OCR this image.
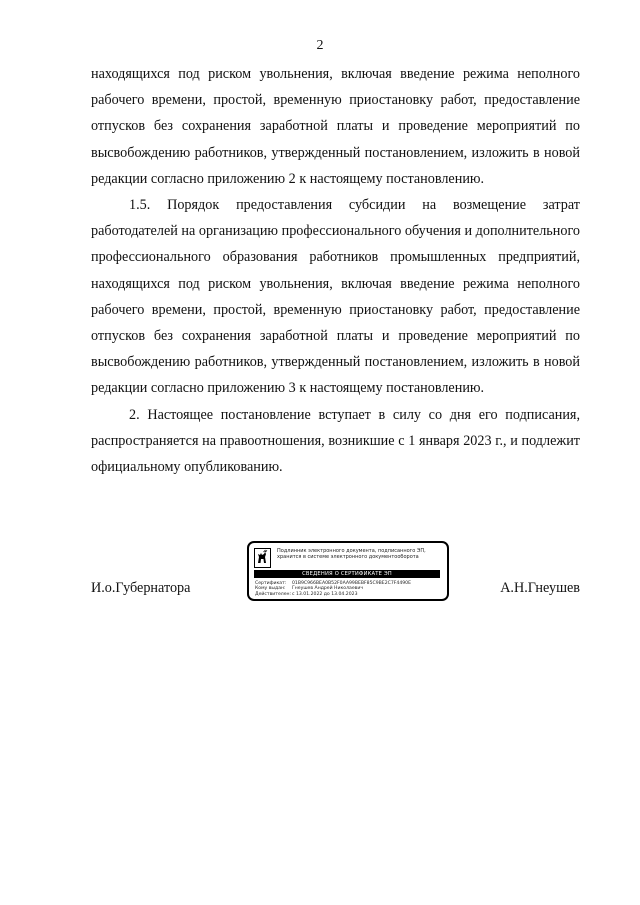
2

находящихся под риском увольнения, включая введение режима неполного рабочего времени, простой, временную приостановку работ, предоставление отпусков без сохранения заработной платы и проведение мероприятий по высвобождению работников, утвержденный постановлением, изложить в новой редакции согласно приложению 2 к настоящему постановлению.

1.5. Порядок предоставления субсидии на возмещение затрат работодателей на организацию профессионального обучения и дополнительного профессионального образования работников промышленных предприятий, находящихся под риском увольнения, включая введение режима неполного рабочего времени, простой, временную приостановку работ, предоставление отпусков без сохранения заработной платы и проведение мероприятий по высвобождению работников, утвержденный постановлением, изложить в новой редакции согласно приложению 3 к настоящему постановлению.

2. Настоящее постановление вступает в силу со дня его подписания, распространяется на правоотношения, возникшие с 1 января 2023 г., и подлежит официальному опубликованию.

И.о.Губернатора	А.Н.Гнеушев
Подлинник электронного документа, подписанного ЭП, хранится в системе электронного документооборота
СВЕДЕНИЯ О СЕРТИФИКАТЕ ЭП
Сертификат: 01B9C966BEA0B52F0AA99BEBF85C9BE2C7F4490E
Кому выдан: Гнеушев Андрей Николаевич
Действителен:с 13.01.2022 до 13.04.2023
